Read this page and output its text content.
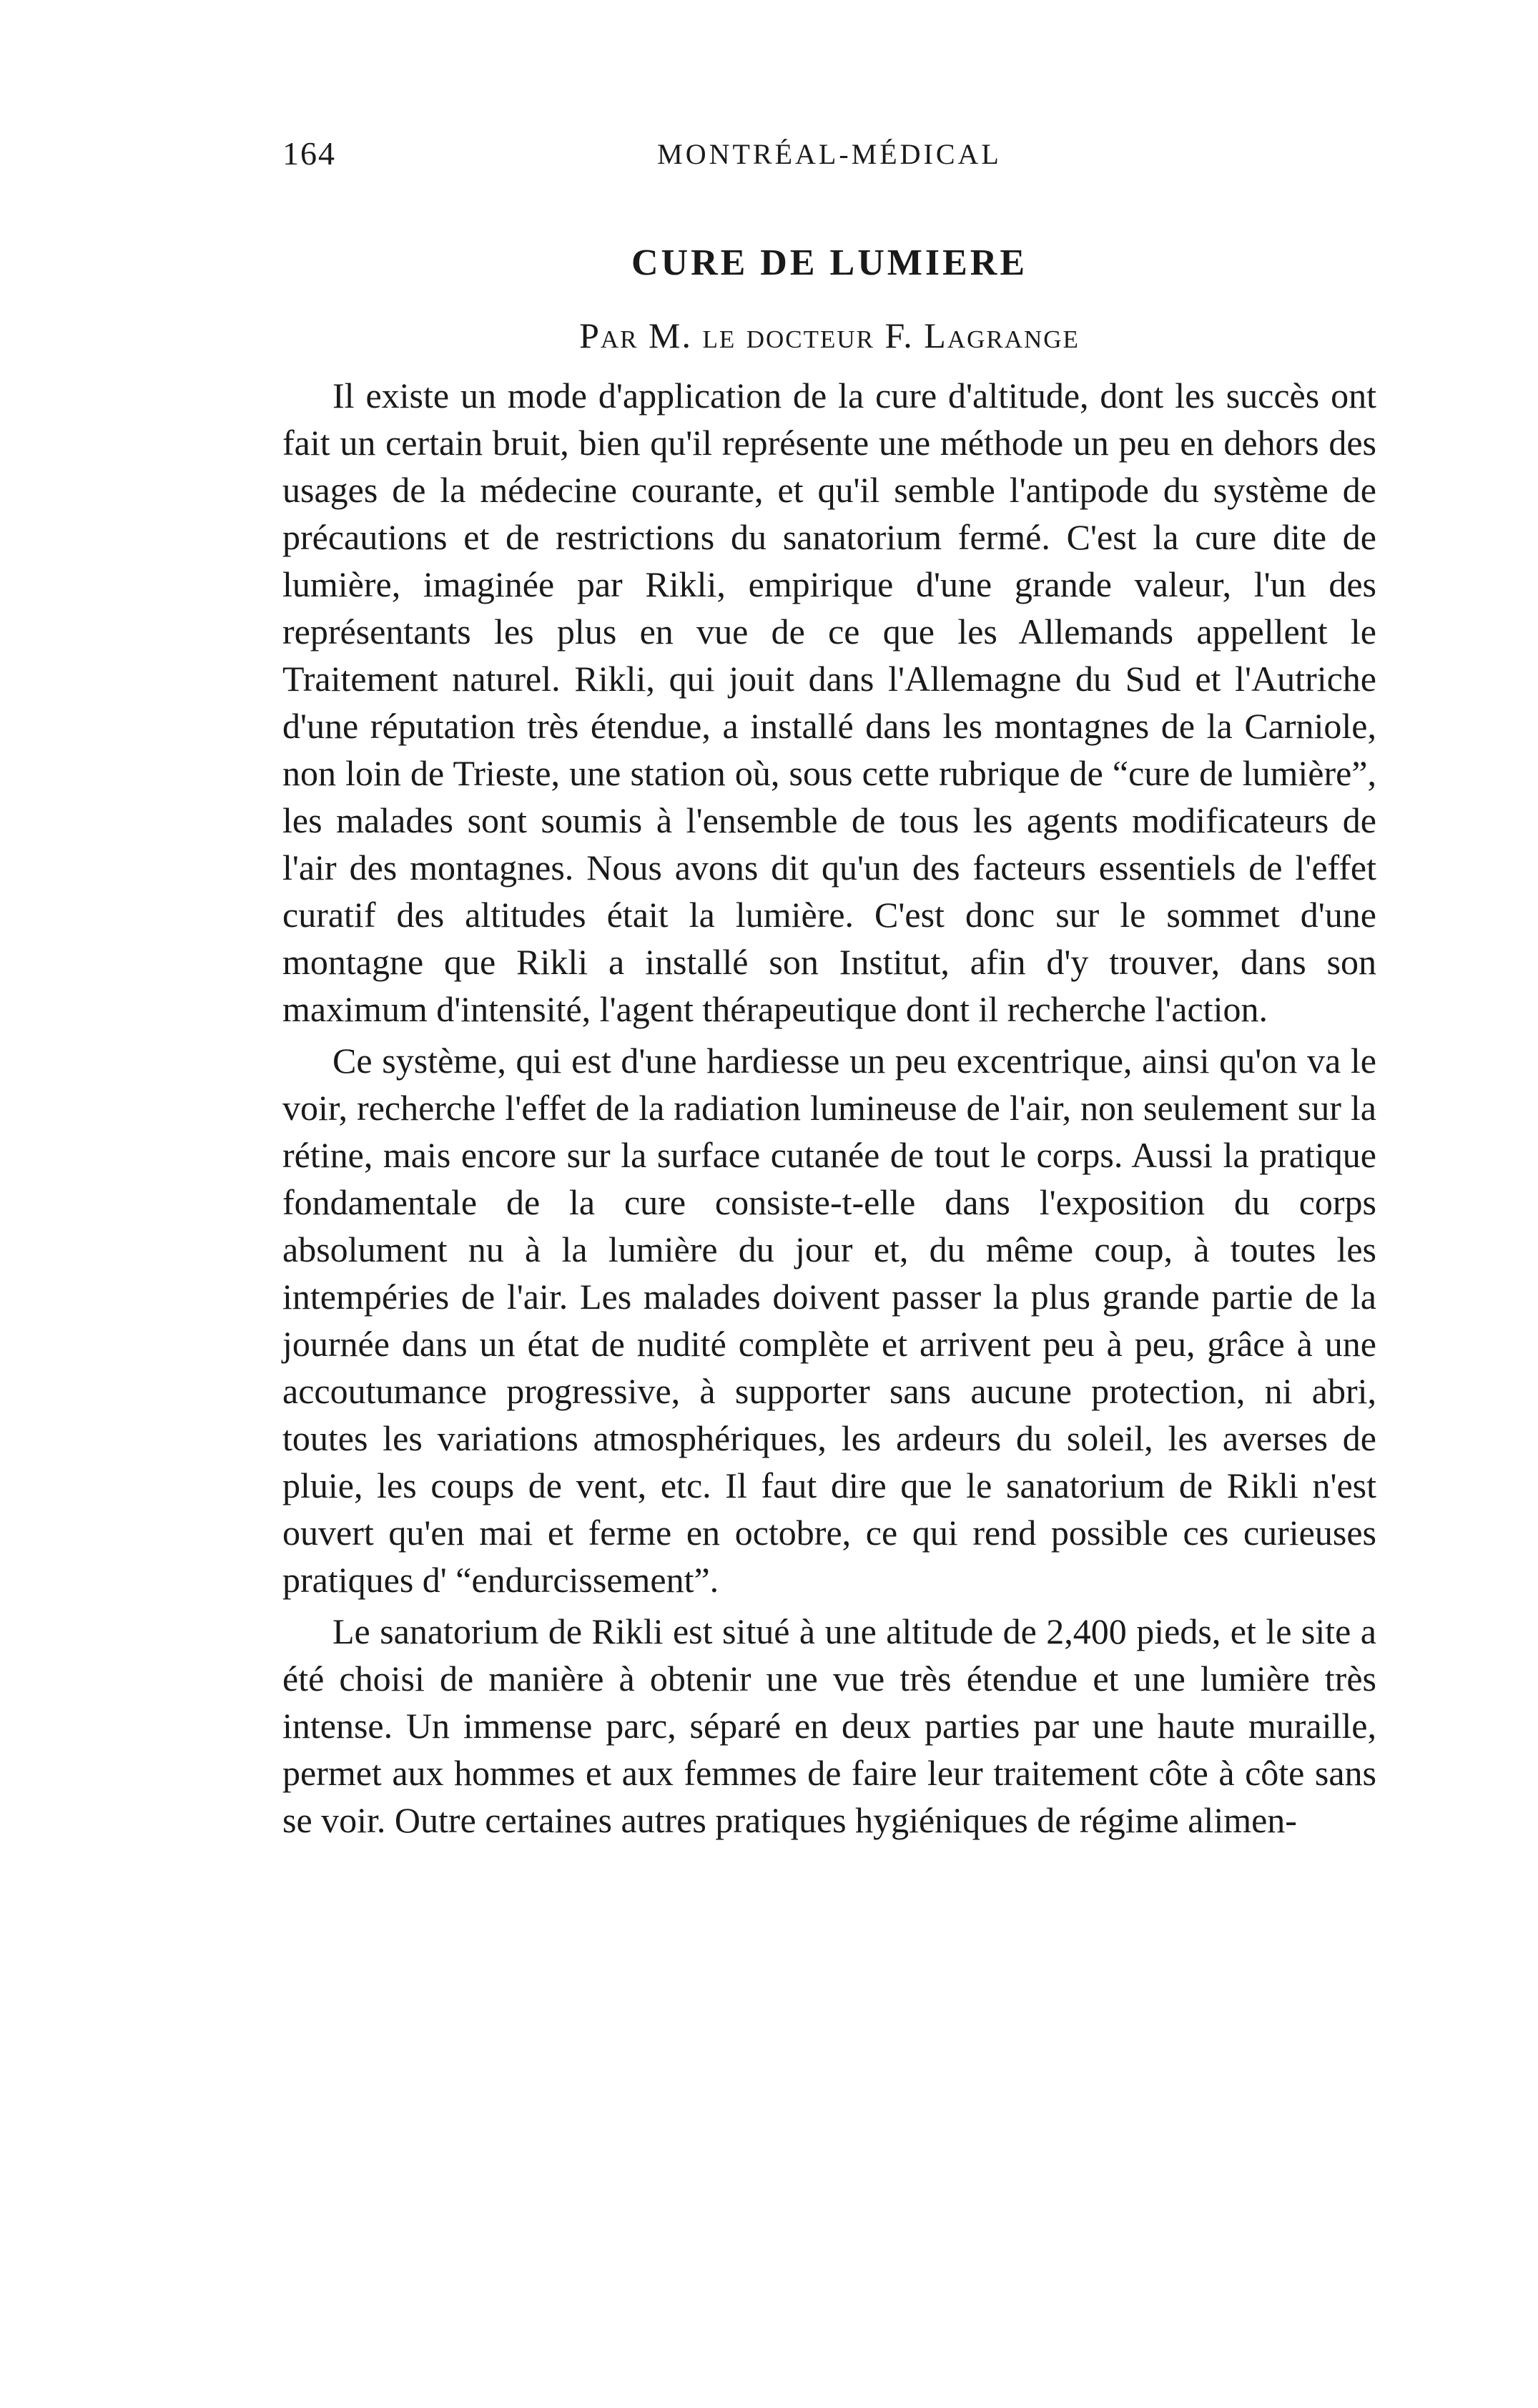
164	MONTRÉAL-MÉDICAL
CURE DE LUMIERE
Par M. le docteur F. Lagrange

Il existe un mode d'application de la cure d'altitude, dont les succès ont fait un certain bruit, bien qu'il représente une méthode un peu en dehors des usages de la médecine courante, et qu'il semble l'antipode du système de précautions et de restrictions du sanatorium fermé. C'est la cure dite de lumière, imaginée par Rikli, empirique d'une grande valeur, l'un des représentants les plus en vue de ce que les Allemands appellent le Traitement naturel. Rikli, qui jouit dans l'Allemagne du Sud et l'Autriche d'une réputation très étendue, a installé dans les montagnes de la Carniole, non loin de Trieste, une station où, sous cette rubrique de “cure de lumière”, les malades sont soumis à l'ensemble de tous les agents modificateurs de l'air des montagnes. Nous avons dit qu'un des facteurs essentiels de l'effet curatif des altitudes était la lumière. C'est donc sur le sommet d'une montagne que Rikli a installé son Institut, afin d'y trouver, dans son maximum d'intensité, l'agent thérapeutique dont il recherche l'action.

Ce système, qui est d'une hardiesse un peu excentrique, ainsi qu'on va le voir, recherche l'effet de la radiation lumineuse de l'air, non seulement sur la rétine, mais encore sur la surface cutanée de tout le corps. Aussi la pratique fondamentale de la cure consiste-t-elle dans l'exposition du corps absolument nu à la lumière du jour et, du même coup, à toutes les intempéries de l'air. Les malades doivent passer la plus grande partie de la journée dans un état de nudité complète et arrivent peu à peu, grâce à une accoutumance progressive, à supporter sans aucune protection, ni abri, toutes les variations atmosphériques, les ardeurs du soleil, les averses de pluie, les coups de vent, etc. Il faut dire que le sanatorium de Rikli n'est ouvert qu'en mai et ferme en octobre, ce qui rend possible ces curieuses pratiques d' “endurcissement”.

Le sanatorium de Rikli est situé à une altitude de 2,400 pieds, et le site a été choisi de manière à obtenir une vue très étendue et une lumière très intense. Un immense parc, séparé en deux parties par une haute muraille, permet aux hommes et aux femmes de faire leur traitement côte à côte sans se voir. Outre certaines autres pratiques hygiéniques de régime alimen-
